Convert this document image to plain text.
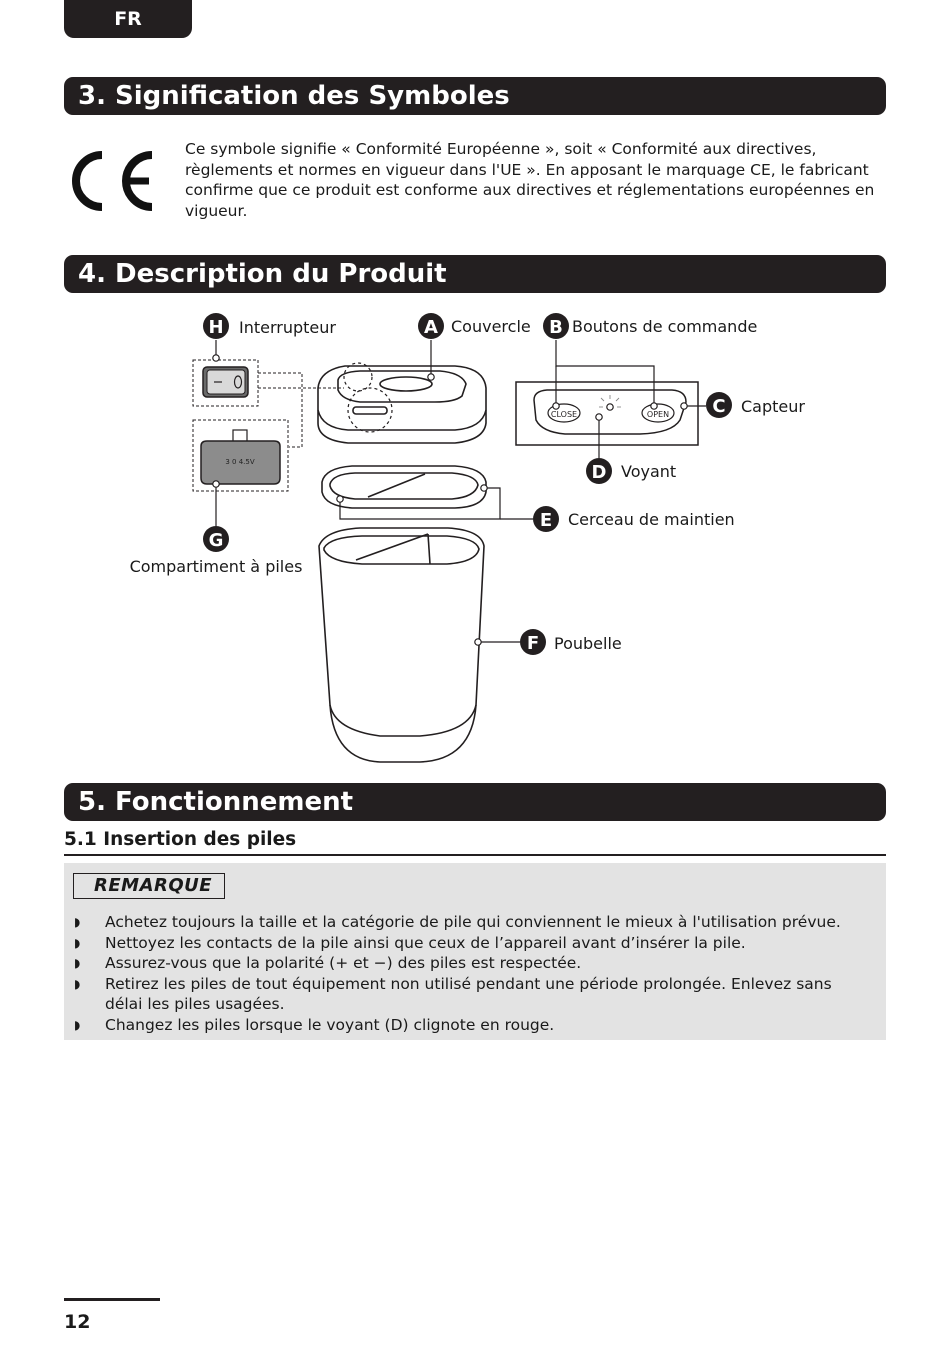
FR
3. Signification des Symboles
Ce symbole signifie « Conformité Européenne », soit « Conformité aux directives, règlements et normes en vigueur dans l'UE ». En apposant le marquage CE, le fabricant confirme que ce produit est conforme aux directives et réglementations européennes en vigueur.
4. Description du Produit
3 0 4.5V
CLOSE	OPEN
H Interrupteur	A Couvercle B Boutons de commande
C Capteur
D Voyant
E Cerceau de maintien
F Poubelle
G
Compartiment à piles
5. Fonctionnement
5.1 Insertion des piles
REMARQUE
◗ Achetez toujours la taille et la catégorie de pile qui conviennent le mieux à l'utilisation prévue.
◗ Nettoyez les contacts de la pile ainsi que ceux de l’appareil avant d’insérer la pile.
◗ Assurez-vous que la polarité (+ et −) des piles est respectée.
◗ Retirez les piles de tout équipement non utilisé pendant une période prolongée. Enlevez sans délai les piles usagées.
◗ Changez les piles lorsque le voyant (D) clignote en rouge.
12
